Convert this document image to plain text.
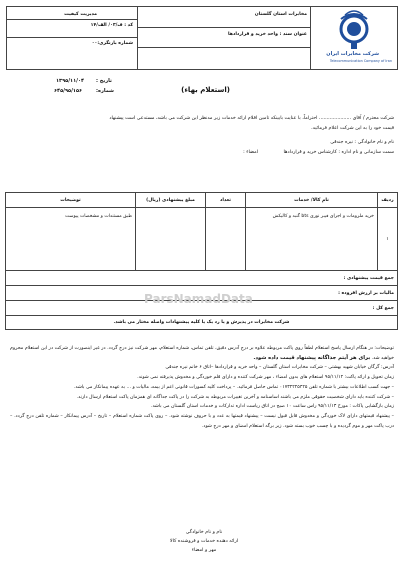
شرکت مخابرات ایران
Telecommunication Company of Iran
مخابرات استان گلستان
عنوان سند : واحد خرید و قراردادها
مدیریت کیفیت
کد : ف/۰۳/ الف/۱۴
شماره بازنگری:۰۰
تاریخ :
۱۳۹۵/۱۱/۰۴
شماره:
۶۴۵/۹۵/۱۵۶	(استعلام بهاء)
شرکت محترم / آقای ..................... احتراماً، با عنایت بایینکه تامین اقلام ارائه خدمات زیر مدنظر این شرکت می باشد، مستدعی است پیشنهاد
قیمت خود را به این شرکت اعلام فرمائید.
نام و نام خانوادگی : نیره جندقی
سمت سازمانی و نام اداره : کارشناس خرید و قراردادها
امضاء :
ردیف	نام کالا/ خدمات	تعداد	مبلغ پیشنهادی (ریال)	توضیحات
۱	خرید ملزومات و اجرای فیبر نوری bts گنبد و کالیکش			طبق مستندات و مشخصات پیوست
جمع قیمت پیشنهادی :				
مالیات بر ارزش افزوده :				
جمع کل :				
شرکت مخابرات در پذیرش و یا رد یک یا کلیه پیشنهادات واصله مختار می باشد.				
ParsNamadData
توضیحات: در هنگام ارسال پاسخ استعلام لطفاً روی پاکت مربوطه علاوه بر درج آدرس دقیق، تلفن تماس، شماره استعلام، مهر شرکت نیز درج گردد. در غیر اینصورت از شرکت در این استعلام محروم خواهید شد. برای هر آیتم جداگانه پیشنهاد قیمت داده شود.
آدرس: گرگان خیابان شهید بهشتی – شرکت مخابرات استان گلستان – واحد خرید و قراردادها –اتاق ۶ خانم نیره جندقی
زمان تحویل و ارائه پاکت: ۹۵/۱۱/۱۲ استعلام های بدون امضاء ، مهر شرکت کننده و دارای قلم خوردگی و مخدوش پذیرفته نمی شوند.
– جهت کسب اطلاعات بیشتر با شماره تلفن ۰۱۷۳۲۲۲۵۴۲۵ تماس حاصل فرمائید. – پرداخت کلیه کسورات قانونی اعم از بیمه، مالیات و ... به عهده پیمانکار می باشد.
– شرکت کننده باید دارای شخصیت حقوقی ملزم می باشند اساسنامه و آخرین تغییرات مربوطه به شرکت را در پاکت جداگانه ای همزمان پاکت استعلام ارسال دارند.
زمان بازگشایی پاکات : مورخ ۹۵/۱۱/۱۳ راس ساعت ۱۰ صبح در اتاق ریاست اداره تدارکات و خدمات استان گلستان می باشد.
– پیشنهاد قیمتهای دارای لاک خوردگی و مخدوش قابل قبول نیست – پیشنهاد قیمتها به عدد و با حروف نوشته شود. – روی پاکت شماره استعلام – تاریخ – آدرس پیمانکار – شماره تلفن درج گردد. –درب پاکت مهر و موم گردیده و با چسب خوب بسته شود. زیر برگه استعلام امضای و مهر درج شود.
نام و نام خانوادگی
ارائه دهنده خدمات و فروشنده کالا
مهر و امضاء
